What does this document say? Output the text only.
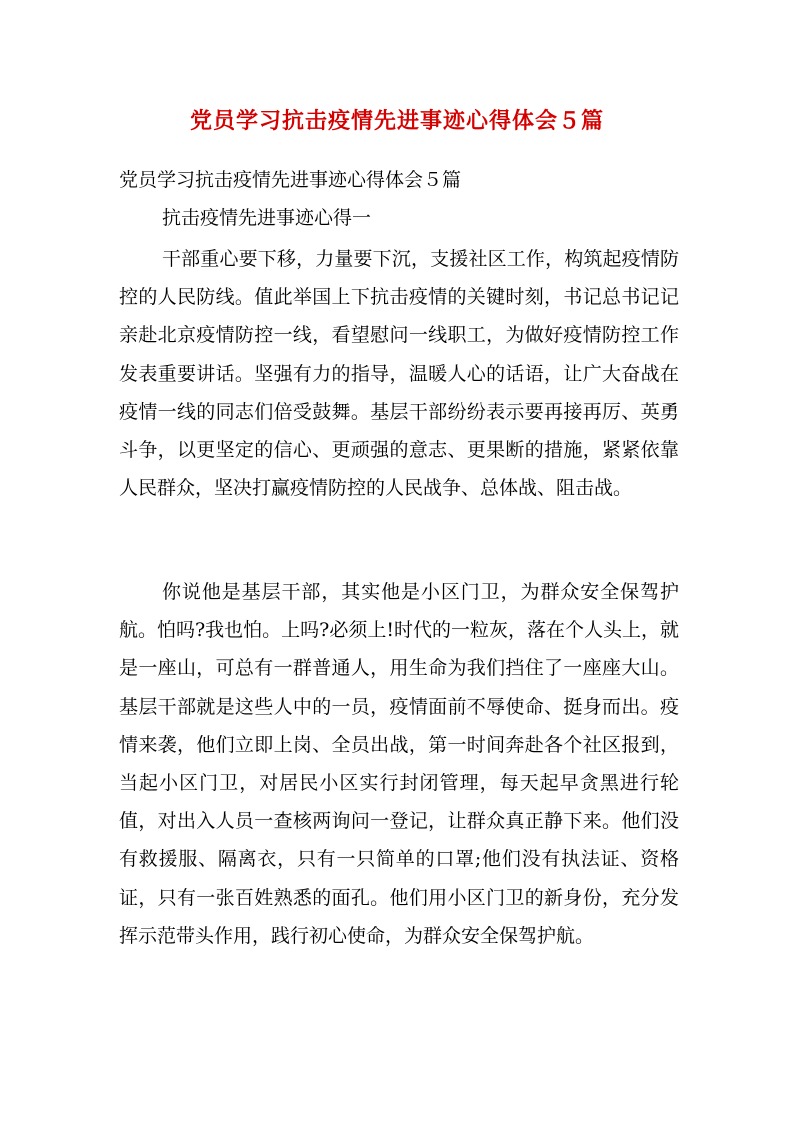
党员学习抗击疫情先进事迹心得体会５篇

党员学习抗击疫情先进事迹心得体会５篇

抗击疫情先进事迹心得一

干部重心要下移，力量要下沉，支援社区工作，构筑起疫情防控的人民防线。值此举国上下抗击疫情的关键时刻，书记总书记记亲赴北京疫情防控一线，看望慰问一线职工，为做好疫情防控工作发表重要讲话。坚强有力的指导，温暖人心的话语，让广大奋战在疫情一线的同志们倍受鼓舞。基层干部纷纷表示要再接再厉、英勇斗争，以更坚定的信心、更顽强的意志、更果断的措施，紧紧依靠人民群众，坚决打赢疫情防控的人民战争、总体战、阻击战。

你说他是基层干部，其实他是小区门卫，为群众安全保驾护航。怕吗?我也怕。上吗?必须上!时代的一粒灰，落在个人头上，就是一座山，可总有一群普通人，用生命为我们挡住了一座座大山。基层干部就是这些人中的一员，疫情面前不辱使命、挺身而出。疫情来袭，他们立即上岗、全员出战，第一时间奔赴各个社区报到，当起小区门卫，对居民小区实行封闭管理，每天起早贪黑进行轮值，对出入人员一查核两询问一登记，让群众真正静下来。他们没有救援服、隔离衣，只有一只简单的口罩;他们没有执法证、资格证，只有一张百姓熟悉的面孔。他们用小区门卫的新身份，充分发挥示范带头作用，践行初心使命，为群众安全保驾护航。
